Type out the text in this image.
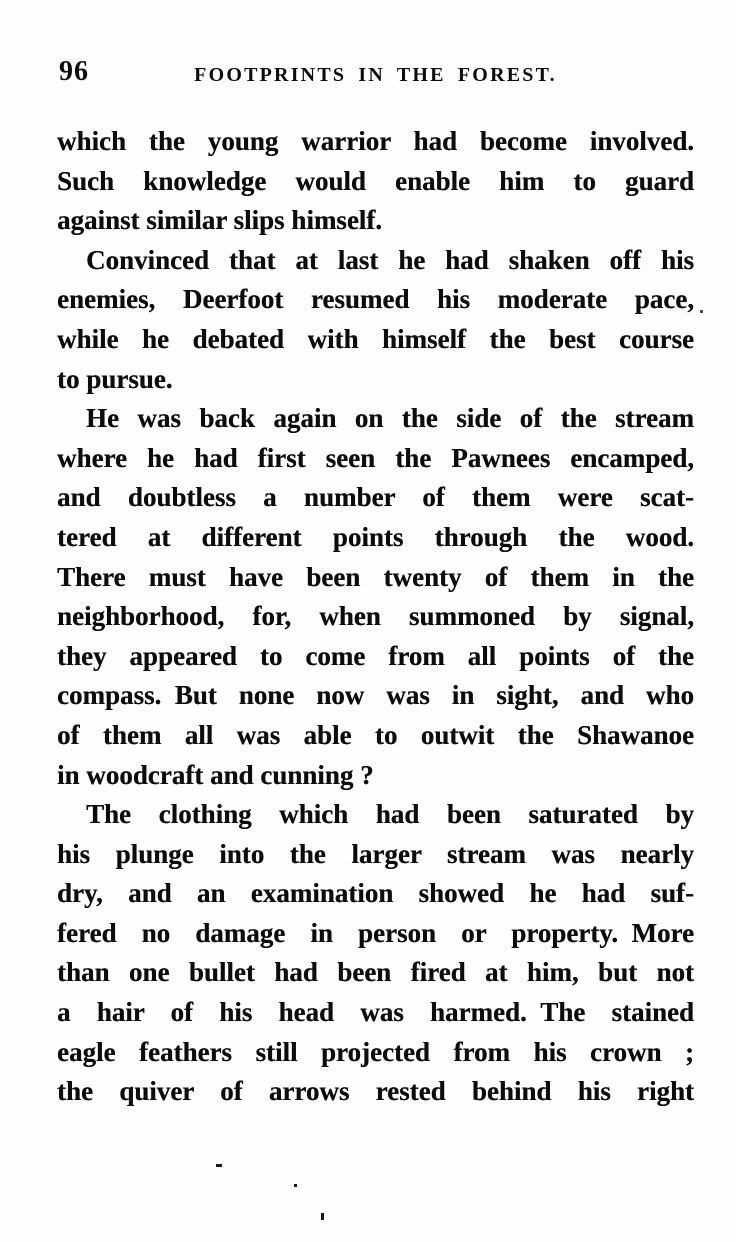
96	FOOTPRINTS IN THE FOREST.
which the young warrior had become involved.
Such knowledge would enable him to guard
against similar slips himself.
Convinced that at last he had shaken off his
enemies, Deerfoot resumed his moderate pace,
while he debated with himself the best course
to pursue.
He was back again on the side of the stream
where he had first seen the Pawnees encamped,
and doubtless a number of them were scat-
tered at different points through the wood.
There must have been twenty of them in the
neighborhood, for, when summoned by signal,
they appeared to come from all points of the
compass. But none now was in sight, and who
of them all was able to outwit the Shawanoe
in woodcraft and cunning ?
The clothing which had been saturated by
his plunge into the larger stream was nearly
dry, and an examination showed he had suf-
fered no damage in person or property. More
than one bullet had been fired at him, but not
a hair of his head was harmed. The stained
eagle feathers still projected from his crown ;
the quiver of arrows rested behind his right
